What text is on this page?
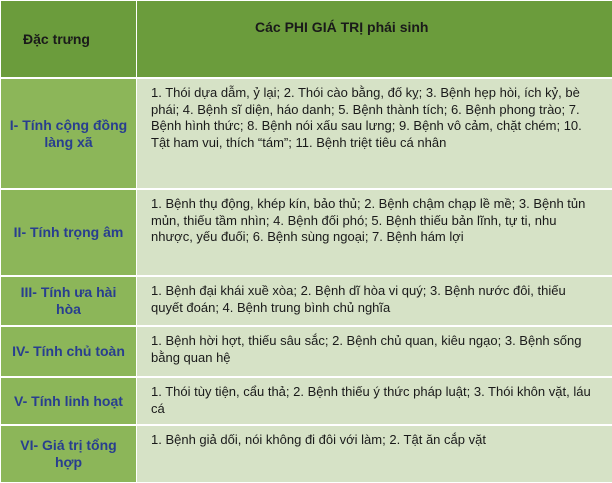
Đặc trưng	Các PHI GIÁ TRỊ phái sinh
I- Tính cộng đồng làng xã	1. Thói dựa dẫm, ỷ lại; 2. Thói cào bằng, đố kỵ; 3. Bệnh hẹp hòi, ích kỷ, bè phái; 4. Bệnh sĩ diện, háo danh; 5. Bệnh thành tích; 6. Bệnh phong trào; 7. Bệnh hình thức; 8. Bệnh nói xấu sau lưng; 9. Bệnh vô cảm, chặt chém; 10. Tật ham vui, thích “tám”; 11. Bệnh triệt tiêu cá nhân
II- Tính trọng âm	1. Bệnh thụ động, khép kín, bảo thủ; 2. Bệnh chậm chạp lề mề; 3. Bệnh tủn mủn, thiếu tầm nhìn; 4. Bệnh đối phó; 5. Bệnh thiếu bản lĩnh, tự ti, nhu nhược, yếu đuối; 6. Bệnh sùng ngoại; 7. Bệnh hám lợi
III- Tính ưa hài hòa	1. Bệnh đại khái xuề xòa; 2. Bệnh dĩ hòa vi quý; 3. Bệnh nước đôi, thiếu quyết đoán; 4. Bệnh trung bình chủ nghĩa
IV- Tính chủ toàn	1. Bệnh hời hợt, thiếu sâu sắc; 2. Bệnh chủ quan, kiêu ngạo; 3. Bệnh sống bằng quan hệ
V- Tính linh hoạt	1. Thói tùy tiện, cẩu thả; 2. Bệnh thiếu ý thức pháp luật; 3. Thói khôn vặt, láu cá
VI- Giá trị tổng hợp	1. Bệnh giả dối, nói không đi đôi với làm; 2. Tật ăn cắp vặt
